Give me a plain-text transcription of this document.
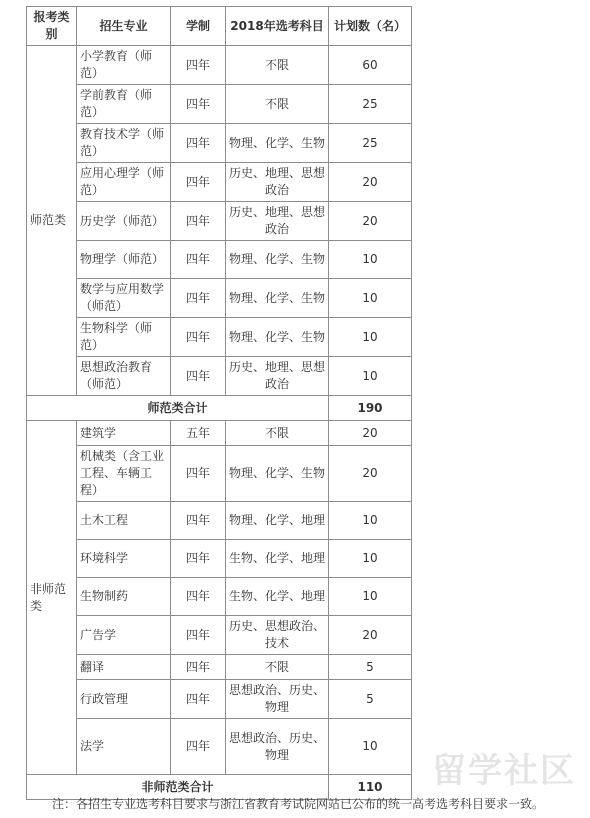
报考类别	招生专业	学制	2018年选考科目	计划数（名）
师范类	小学教育（师范）	四年	不限	60
	学前教育（师范）	四年	不限	25
	教育技术学（师范）	四年	物理、化学、生物	25
	应用心理学（师范）	四年	历史、地理、思想政治	20
	历史学（师范）	四年	历史、地理、思想政治	20
	物理学（师范）	四年	物理、化学、生物	10
	数学与应用数学（师范）	四年	物理、化学、生物	10
	生物科学（师范）	四年	物理、化学、生物	10
	思想政治教育（师范）	四年	历史、地理、思想政治	10
师范类合计				190
非师范类	建筑学	五年	不限	20
	机械类（含工业工程、车辆工程）	四年	物理、化学、生物	20
	土木工程	四年	物理、化学、地理	10
	环境科学	四年	生物、化学、地理	10
	生物制药	四年	生物、化学、地理	10
	广告学	四年	历史、思想政治、技术	20
	翻译	四年	不限	5
	行政管理	四年	思想政治、历史、物理	5
	法学	四年	思想政治、历史、物理	10
非师范类合计				110 留学社区
注：各招生专业选考科目要求与浙江省教育考试院网站已公布的统一高考选考科目要求一致。
